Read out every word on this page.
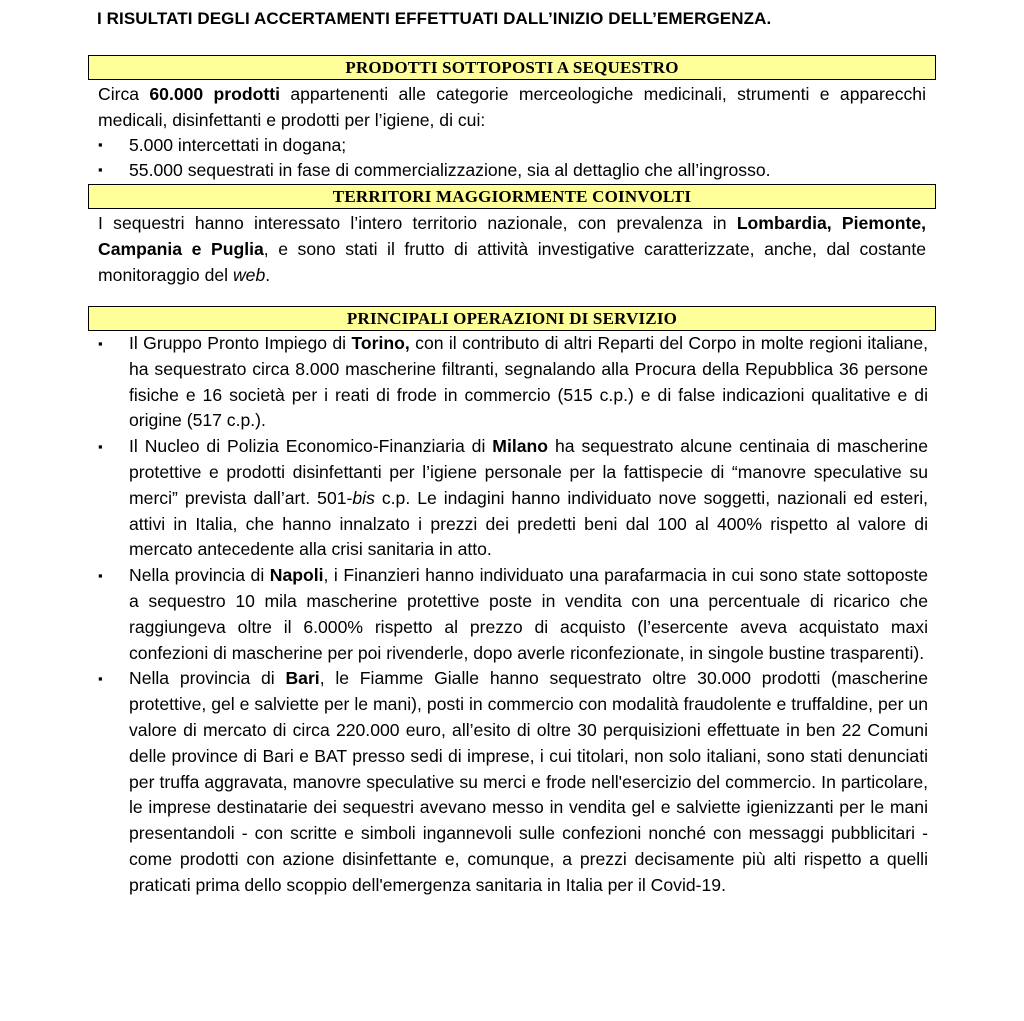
I RISULTATI DEGLI ACCERTAMENTI EFFETTUATI DALL’INIZIO DELL’EMERGENZA.
PRODOTTI SOTTOPOSTI A SEQUESTRO
Circa 60.000 prodotti appartenenti alle categorie merceologiche medicinali, strumenti e apparecchi medicali, disinfettanti e prodotti per l’igiene, di cui:
▪ 5.000 intercettati in dogana;
▪ 55.000 sequestrati in fase di commercializzazione, sia al dettaglio che all’ingrosso.
TERRITORI MAGGIORMENTE COINVOLTI
I sequestri hanno interessato l’intero territorio nazionale, con prevalenza in Lombardia, Piemonte, Campania e Puglia, e sono stati il frutto di attività investigative caratterizzate, anche, dal costante monitoraggio del web.
PRINCIPALI OPERAZIONI DI SERVIZIO
▪ Il Gruppo Pronto Impiego di Torino, con il contributo di altri Reparti del Corpo in molte regioni italiane, ha sequestrato circa 8.000 mascherine filtranti, segnalando alla Procura della Repubblica 36 persone fisiche e 16 società per i reati di frode in commercio (515 c.p.) e di false indicazioni qualitative e di origine (517 c.p.).
▪ Il Nucleo di Polizia Economico-Finanziaria di Milano ha sequestrato alcune centinaia di mascherine protettive e prodotti disinfettanti per l’igiene personale per la fattispecie di “manovre speculative su merci” prevista dall’art. 501-bis c.p. Le indagini hanno individuato nove soggetti, nazionali ed esteri, attivi in Italia, che hanno innalzato i prezzi dei predetti beni dal 100 al 400% rispetto al valore di mercato antecedente alla crisi sanitaria in atto.
▪ Nella provincia di Napoli, i Finanzieri hanno individuato una parafarmacia in cui sono state sottoposte a sequestro 10 mila mascherine protettive poste in vendita con una percentuale di ricarico che raggiungeva oltre il 6.000% rispetto al prezzo di acquisto (l’esercente aveva acquistato maxi confezioni di mascherine per poi rivenderle, dopo averle riconfezionate, in singole bustine trasparenti).
▪ Nella provincia di Bari, le Fiamme Gialle hanno sequestrato oltre 30.000 prodotti (mascherine protettive, gel e salviette per le mani), posti in commercio con modalità fraudolente e truffaldine, per un valore di mercato di circa 220.000 euro, all’esito di oltre 30 perquisizioni effettuate in ben 22 Comuni delle province di Bari e BAT presso sedi di imprese, i cui titolari, non solo italiani, sono stati denunciati per truffa aggravata, manovre speculative su merci e frode nell'esercizio del commercio. In particolare, le imprese destinatarie dei sequestri avevano messo in vendita gel e salviette igienizzanti per le mani presentandoli - con scritte e simboli ingannevoli sulle confezioni nonché con messaggi pubblicitari - come prodotti con azione disinfettante e, comunque, a prezzi decisamente più alti rispetto a quelli praticati prima dello scoppio dell'emergenza sanitaria in Italia per il Covid-19.
